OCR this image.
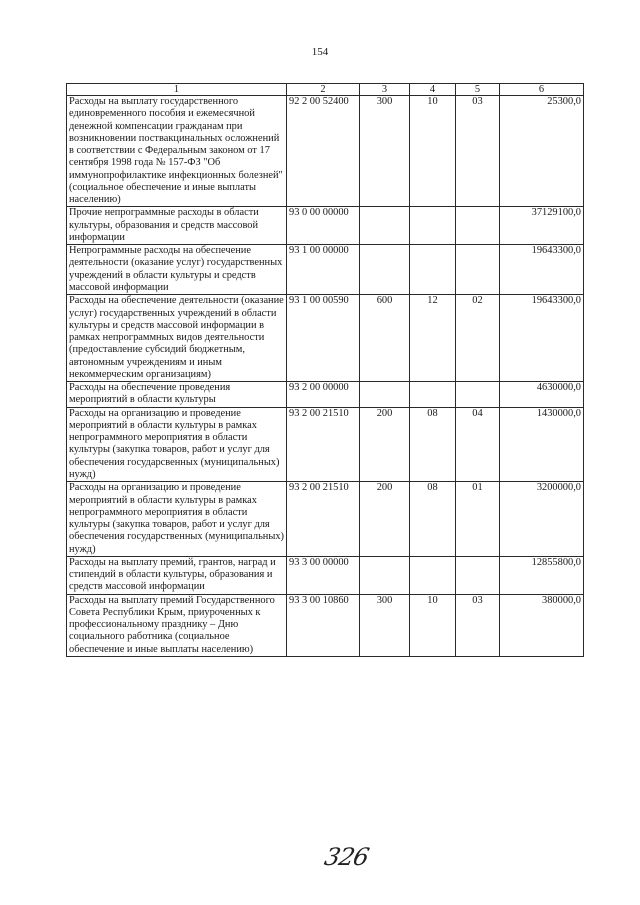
154
1	2	3	4	5	6
Расходы на выплату государственного единовременного пособия и ежемесячной денежной компенсации гражданам при возникновении поствакцинальных осложнений в соответствии с Федеральным законом от 17 сентября 1998 года № 157-ФЗ "Об иммунопрофилактике инфекционных болезней" (социальное обеспечение и иные выплаты населению)	92 2 00 52400	300	10	03	25300,0
Прочие непрограммные расходы в области культуры, образования и средств массовой информации	93 0 00 00000				37129100,0
Непрограммные расходы на обеспечение деятельности (оказание услуг) государственных учреждений в области культуры и средств массовой информации	93 1 00 00000				19643300,0
Расходы на обеспечение деятельности (оказание услуг) государственных учреждений в области культуры и средств массовой информации в рамках непрограммных видов деятельности (предоставление субсидий бюджетным, автономным учреждениям и иным некоммерческим организациям)	93 1 00 00590	600	12	02	19643300,0
Расходы на обеспечение проведения мероприятий в области культуры	93 2 00 00000				4630000,0
Расходы на организацию и проведение мероприятий в области культуры в рамках непрограммного мероприятия в области культуры (закупка товаров, работ и услуг для обеспечения государсвенных (муниципальных) нужд)	93 2 00 21510	200	08	04	1430000,0
Расходы на организацию и проведение мероприятий в области культуры в рамках непрограммного мероприятия в области культуры (закупка товаров, работ и услуг для обеспечения государственных (муниципальных) нужд)	93 2 00 21510	200	08	01	3200000,0
Расходы на выплату премий, грантов, наград и стипендий в области культуры, образования и средств массовой информации	93 3 00 00000				12855800,0
Расходы на выплату премий Государственного Совета Республики Крым, приуроченных к профессиональному празднику – Дню социального работника (социальное обеспечение и иные выплаты населению)	93 3 00 10860	300	10	03	380000,0
326
